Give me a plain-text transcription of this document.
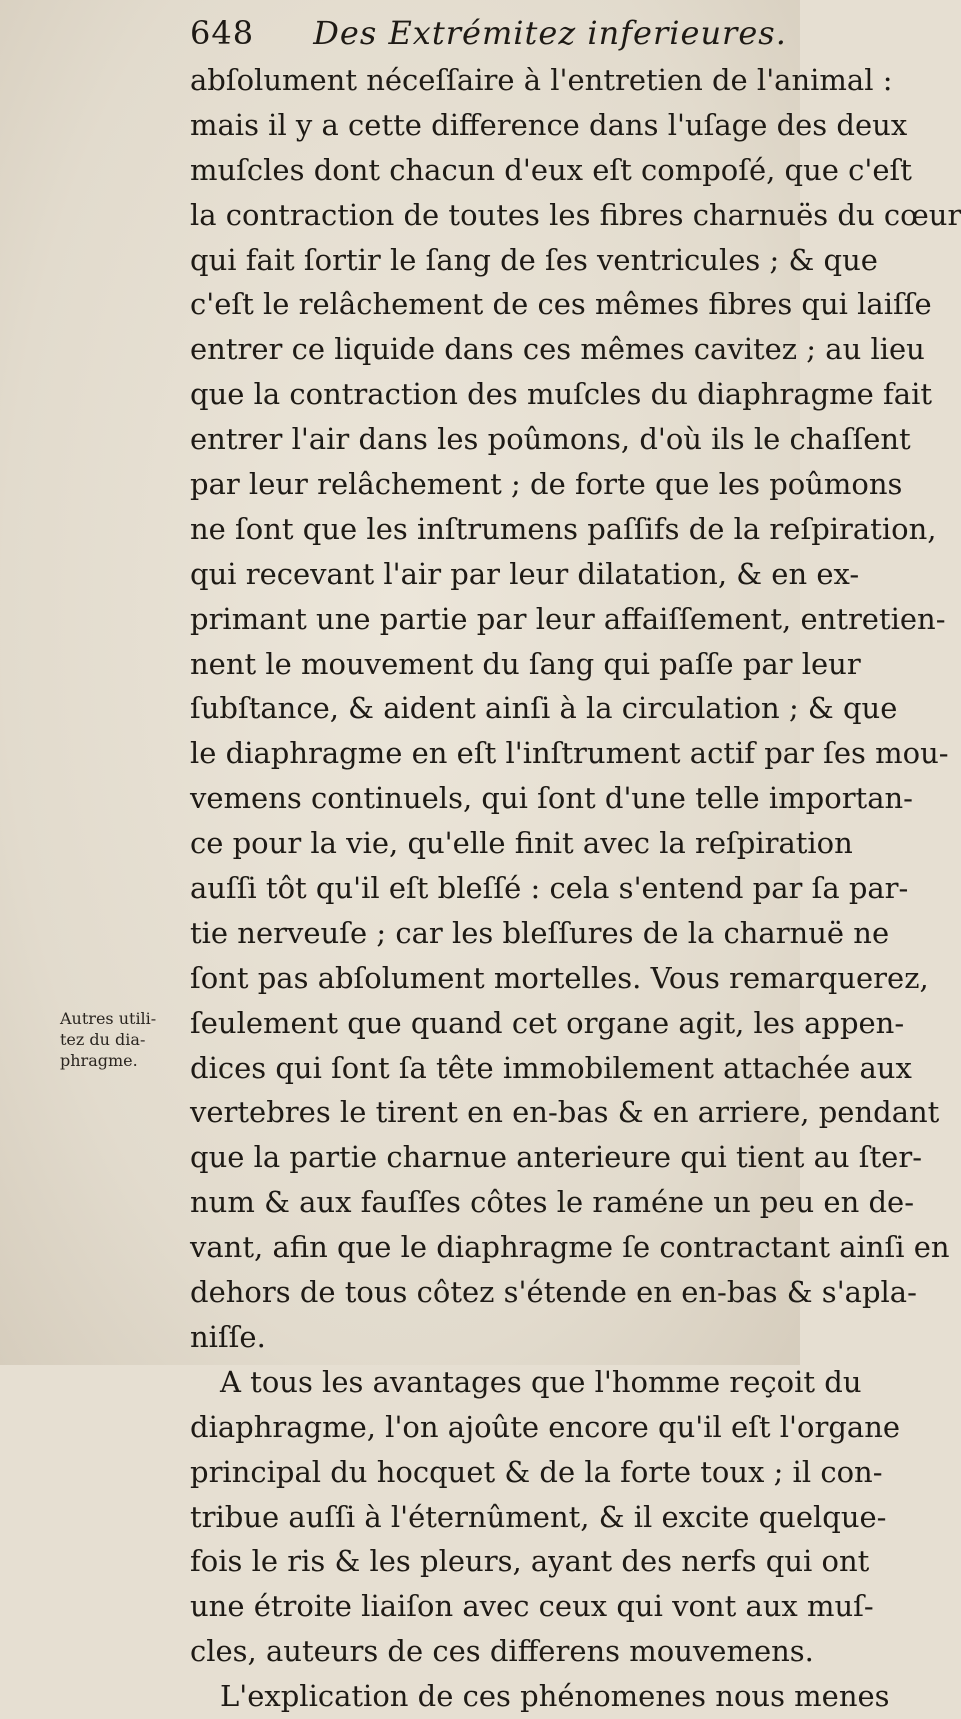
648 Des Extrémitez inferieures.
Autres utili-
tez du dia-
phragme.
abſolument néceſſaire à l'entretien de l'animal :
mais il y a cette difference dans l'uſage des deux
muſcles dont chacun d'eux eſt compoſé, que c'eſt
la contraction de toutes les fibres charnuës du cœur
qui fait ſortir le ſang de ſes ventricules ; & que
c'eſt le relâchement de ces mêmes fibres qui laiſſe
entrer ce liquide dans ces mêmes cavitez ; au lieu
que la contraction des muſcles du diaphragme fait
entrer l'air dans les poûmons, d'où ils le chaſſent
par leur relâchement ; de forte que les poûmons
ne ſont que les inſtrumens paſſifs de la reſpiration,
qui recevant l'air par leur dilatation, & en ex-
primant une partie par leur affaiſſement, entretien-
nent le mouvement du ſang qui paſſe par leur
ſubſtance, & aident ainſi à la circulation ; & que
le diaphragme en eſt l'inſtrument actif par ſes mou-
vemens continuels, qui ſont d'une telle importan-
ce pour la vie, qu'elle finit avec la reſpiration
auſſi tôt qu'il eſt bleſſé : cela s'entend par ſa par-
tie nerveuſe ; car les bleſſures de la charnuë ne
ſont pas abſolument mortelles. Vous remarquerez,
ſeulement que quand cet organe agit, les appen-
dices qui ſont ſa tête immobilement attachée aux
vertebres le tirent en en-bas & en arriere, pendant
que la partie charnue anterieure qui tient au ſter-
num & aux fauſſes côtes le raméne un peu en de-
vant, afin que le diaphragme ſe contractant ainſi en
dehors de tous côtez s'étende en en-bas & s'apla-
niſſe.
A tous les avantages que l'homme reçoit du
diaphragme, l'on ajoûte encore qu'il eſt l'organe
principal du hocquet & de la forte toux ; il con-
tribue auſſi à l'éternûment, & il excite quelque-
fois le ris & les pleurs, ayant des nerfs qui ont
une étroite liaiſon avec ceux qui vont aux muſ-
cles, auteurs de ces differens mouvemens.
L'explication de ces phénomenes nous menes
